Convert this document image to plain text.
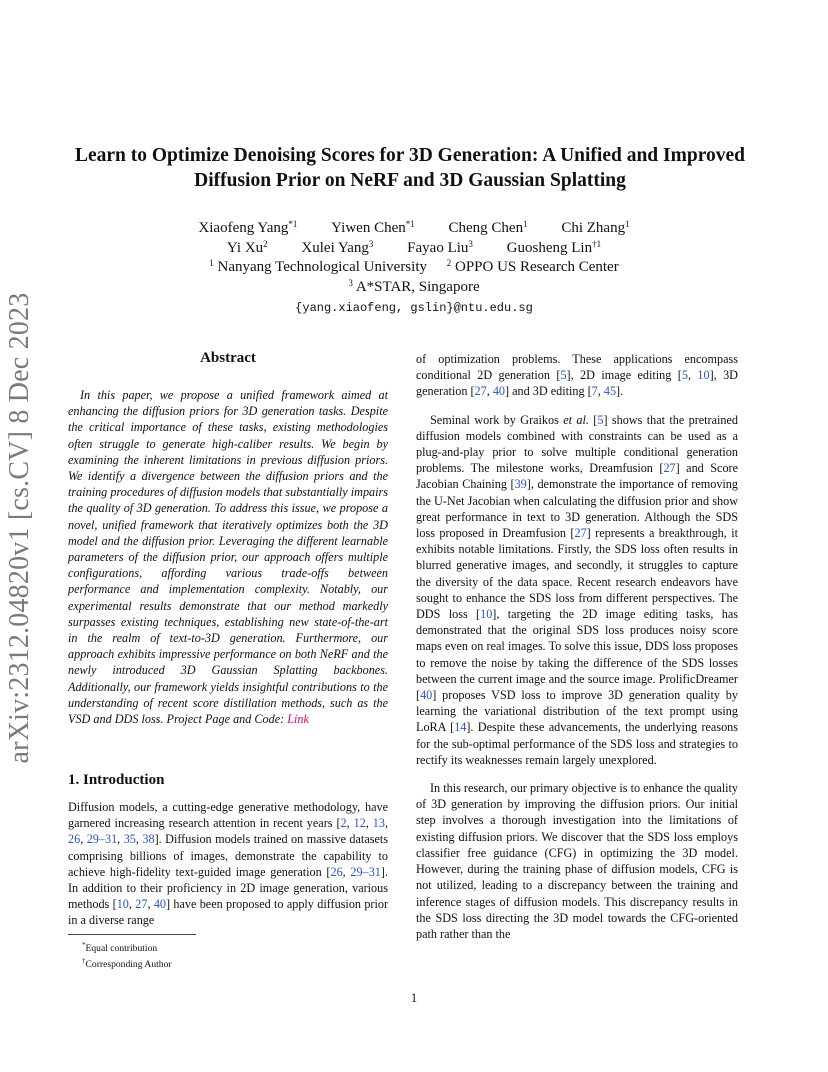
arXiv:2312.04820v1 [cs.CV] 8 Dec 2023
Learn to Optimize Denoising Scores for 3D Generation: A Unified and Improved Diffusion Prior on NeRF and 3D Gaussian Splatting
Xiaofeng Yang$^{*1}$ Yiwen Chen$^{*1}$ Cheng Chen$^1$ Chi Zhang$^1$
Yi Xu$^2$ Xulei Yang$^3$ Fayao Liu$^3$ Guosheng Lin$^{\dagger 1}$
$^1$ Nanyang Technological University $^2$ OPPO US Research Center
$^3$ A*STAR, Singapore
{yang.xiaofeng, gslin}@ntu.edu.sg
Abstract

In this paper, we propose a unified framework aimed at enhancing the diffusion priors for 3D generation tasks. Despite the critical importance of these tasks, existing methodologies often struggle to generate high-caliber results. We begin by examining the inherent limitations in previous diffusion priors. We identify a divergence between the diffusion priors and the training procedures of diffusion models that substantially impairs the quality of 3D generation. To address this issue, we propose a novel, unified framework that iteratively optimizes both the 3D model and the diffusion prior. Leveraging the different learnable parameters of the diffusion prior, our approach offers multiple configurations, affording various trade-offs between performance and implementation complexity. Notably, our experimental results demonstrate that our method markedly surpasses existing techniques, establishing new state-of-the-art in the realm of text-to-3D generation. Furthermore, our approach exhibits impressive performance on both NeRF and the newly introduced 3D Gaussian Splatting backbones. Additionally, our framework yields insightful contributions to the understanding of recent score distillation methods, such as the VSD and DDS loss. Project Page and Code: Link

1. Introduction

Diffusion models, a cutting-edge generative methodology, have garnered increasing research attention in recent years [2, 12, 13, 26, 29–31, 35, 38]. Diffusion models trained on massive datasets comprising billions of images, demonstrate the capability to achieve high-fidelity text-guided image generation [26, 29–31]. In addition to their proficiency in 2D image generation, various methods [10, 27, 40] have been proposed to apply diffusion prior in a diverse range

*Equal contribution
†Corresponding Author

of optimization problems. These applications encompass conditional 2D generation [5], 2D image editing [5, 10], 3D generation [27, 40] and 3D editing [7, 45].

Seminal work by Graikos et al. [5] shows that the pretrained diffusion models combined with constraints can be used as a plug-and-play prior to solve multiple conditional generation problems. The milestone works, Dreamfusion [27] and Score Jacobian Chaining [39], demonstrate the importance of removing the U-Net Jacobian when calculating the diffusion prior and show great performance in text to 3D generation. Although the SDS loss proposed in Dreamfusion [27] represents a breakthrough, it exhibits notable limitations. Firstly, the SDS loss often results in blurred generative images, and secondly, it struggles to capture the diversity of the data space. Recent research endeavors have sought to enhance the SDS loss from different perspectives. The DDS loss [10], targeting the 2D image editing tasks, has demonstrated that the original SDS loss produces noisy score maps even on real images. To solve this issue, DDS loss proposes to remove the noise by taking the difference of the SDS losses between the current image and the source image. ProlificDreamer [40] proposes VSD loss to improve 3D generation quality by learning the variational distribution of the text prompt using LoRA [14]. Despite these advancements, the underlying reasons for the sub-optimal performance of the SDS loss and strategies to rectify its weaknesses remain largely unexplored.

In this research, our primary objective is to enhance the quality of 3D generation by improving the diffusion priors. Our initial step involves a thorough investigation into the limitations of existing diffusion priors. We discover that the SDS loss employs classifier free guidance (CFG) in optimizing the 3D model. However, during the training phase of diffusion models, CFG is not utilized, leading to a discrepancy between the training and inference stages of diffusion models. This discrepancy results in the SDS loss directing the 3D model towards the CFG-oriented path rather than the

1
